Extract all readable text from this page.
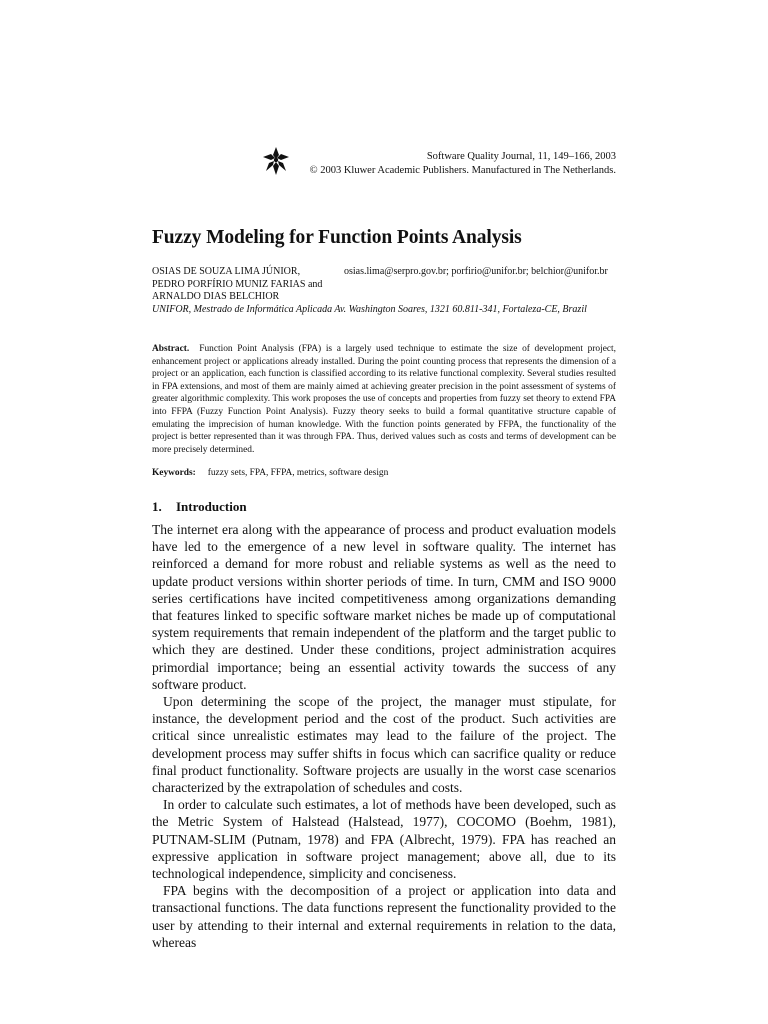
Software Quality Journal, 11, 149–166, 2003
© 2003 Kluwer Academic Publishers. Manufactured in The Netherlands.
Fuzzy Modeling for Function Points Analysis
OSIAS DE SOUZA LIMA JÚNIOR,
PEDRO PORFÍRIO MUNIZ FARIAS and
ARNALDO DIAS BELCHIOR
osias.lima@serpro.gov.br; porfirio@unifor.br; belchior@unifor.br
UNIFOR, Mestrado de Informática Aplicada Av. Washington Soares, 1321 60.811-341, Fortaleza-CE, Brazil

Abstract. Function Point Analysis (FPA) is a largely used technique to estimate the size of development project, enhancement project or applications already installed. During the point counting process that represents the dimension of a project or an application, each function is classified according to its relative functional complexity. Several studies resulted in FPA extensions, and most of them are mainly aimed at achieving greater precision in the point assessment of systems of greater algorithmic complexity. This work proposes the use of concepts and properties from fuzzy set theory to extend FPA into FFPA (Fuzzy Function Point Analysis). Fuzzy theory seeks to build a formal quantitative structure capable of emulating the imprecision of human knowledge. With the function points generated by FFPA, the functionality of the project is better represented than it was through FPA. Thus, derived values such as costs and terms of development can be more precisely determined.

Keywords: fuzzy sets, FPA, FFPA, metrics, software design
1. Introduction

The internet era along with the appearance of process and product evaluation models have led to the emergence of a new level in software quality. The internet has reinforced a demand for more robust and reliable systems as well as the need to update product versions within shorter periods of time. In turn, CMM and ISO 9000 series certifications have incited competitiveness among organizations demanding that features linked to specific software market niches be made up of computational system requirements that remain independent of the platform and the target public to which they are destined. Under these conditions, project administration acquires primordial importance; being an essential activity towards the success of any software product.

Upon determining the scope of the project, the manager must stipulate, for instance, the development period and the cost of the product. Such activities are critical since unrealistic estimates may lead to the failure of the project. The development process may suffer shifts in focus which can sacrifice quality or reduce final product functionality. Software projects are usually in the worst case scenarios characterized by the extrapolation of schedules and costs.

In order to calculate such estimates, a lot of methods have been developed, such as the Metric System of Halstead (Halstead, 1977), COCOMO (Boehm, 1981), PUTNAM-SLIM (Putnam, 1978) and FPA (Albrecht, 1979). FPA has reached an expressive application in software project management; above all, due to its technological independence, simplicity and conciseness.

FPA begins with the decomposition of a project or application into data and transactional functions. The data functions represent the functionality provided to the user by attending to their internal and external requirements in relation to the data, whereas
